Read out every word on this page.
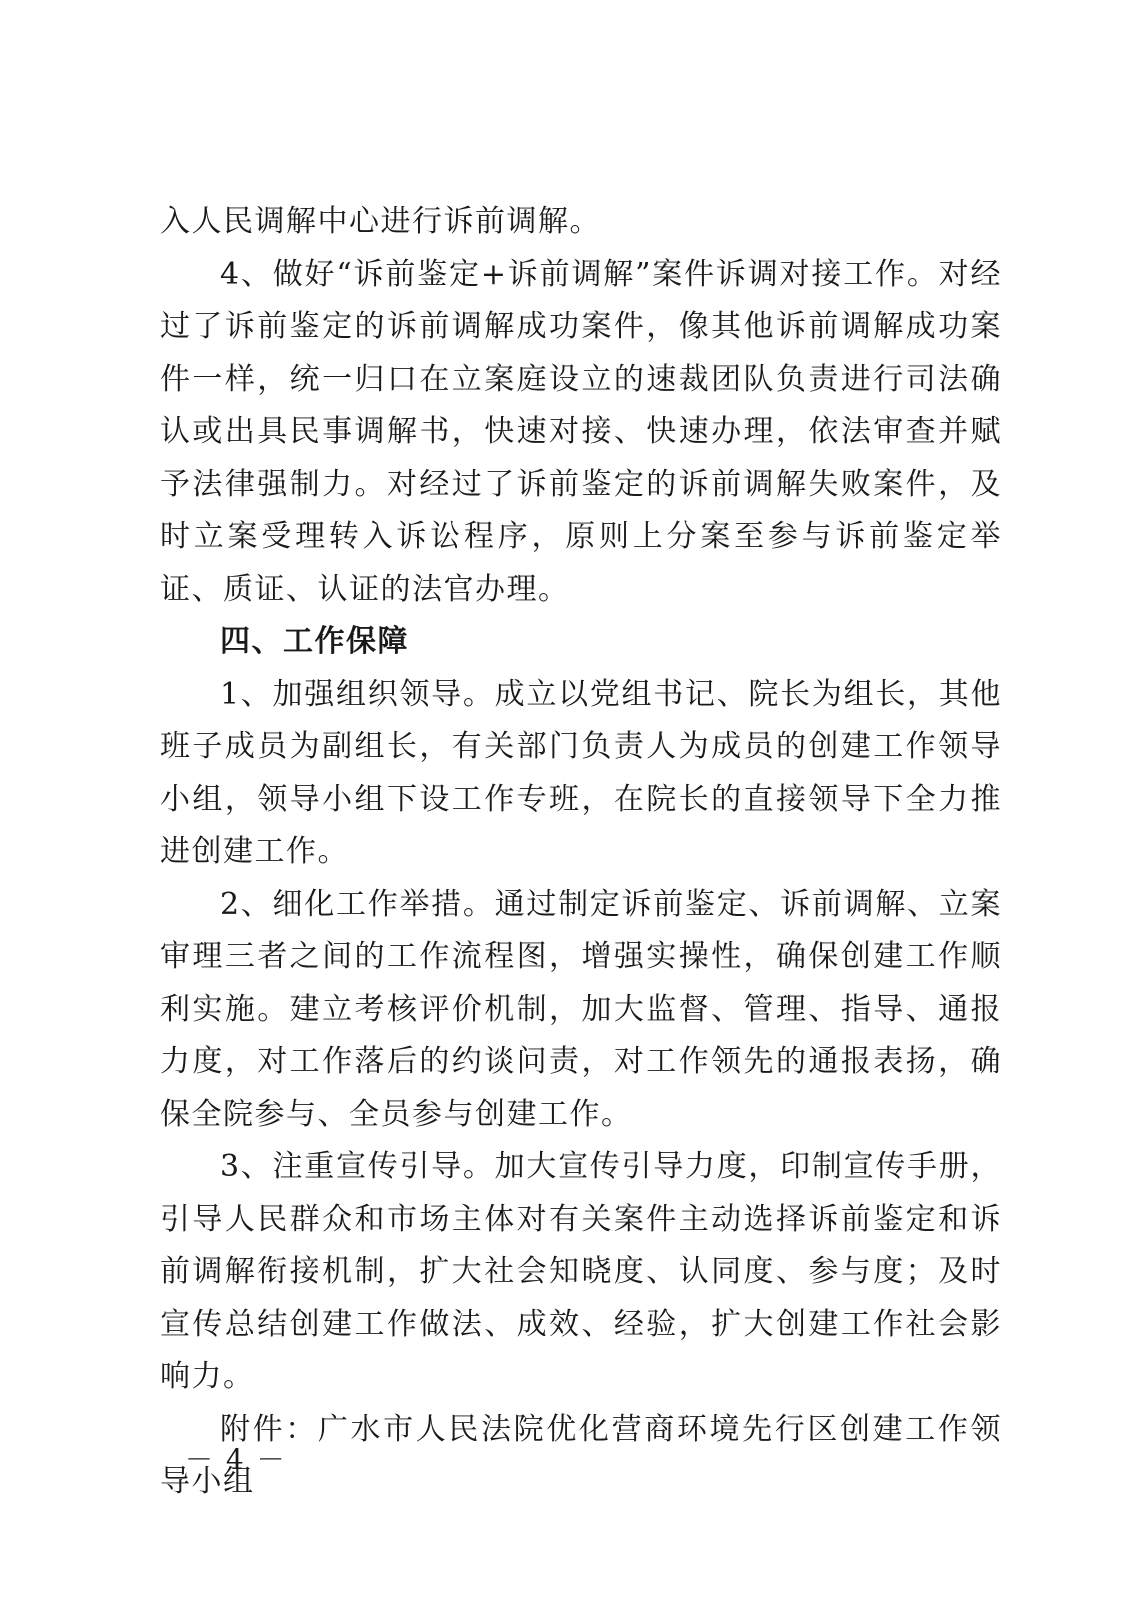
入人民调解中心进行诉前调解。

4、做好“诉前鉴定+诉前调解”案件诉调对接工作。对经过了诉前鉴定的诉前调解成功案件，像其他诉前调解成功案件一样，统一归口在立案庭设立的速裁团队负责进行司法确认或出具民事调解书，快速对接、快速办理，依法审查并赋予法律强制力。对经过了诉前鉴定的诉前调解失败案件，及时立案受理转入诉讼程序，原则上分案至参与诉前鉴定举证、质证、认证的法官办理。

四、工作保障

1、加强组织领导。成立以党组书记、院长为组长，其他班子成员为副组长，有关部门负责人为成员的创建工作领导小组，领导小组下设工作专班，在院长的直接领导下全力推进创建工作。

2、细化工作举措。通过制定诉前鉴定、诉前调解、立案审理三者之间的工作流程图，增强实操性，确保创建工作顺利实施。建立考核评价机制，加大监督、管理、指导、通报力度，对工作落后的约谈问责，对工作领先的通报表扬，确保全院参与、全员参与创建工作。

3、注重宣传引导。加大宣传引导力度，印制宣传手册，引导人民群众和市场主体对有关案件主动选择诉前鉴定和诉前调解衔接机制，扩大社会知晓度、认同度、参与度；及时宣传总结创建工作做法、成效、经验，扩大创建工作社会影响力。

附件：广水市人民法院优化营商环境先行区创建工作领导小组

－ 4 －
